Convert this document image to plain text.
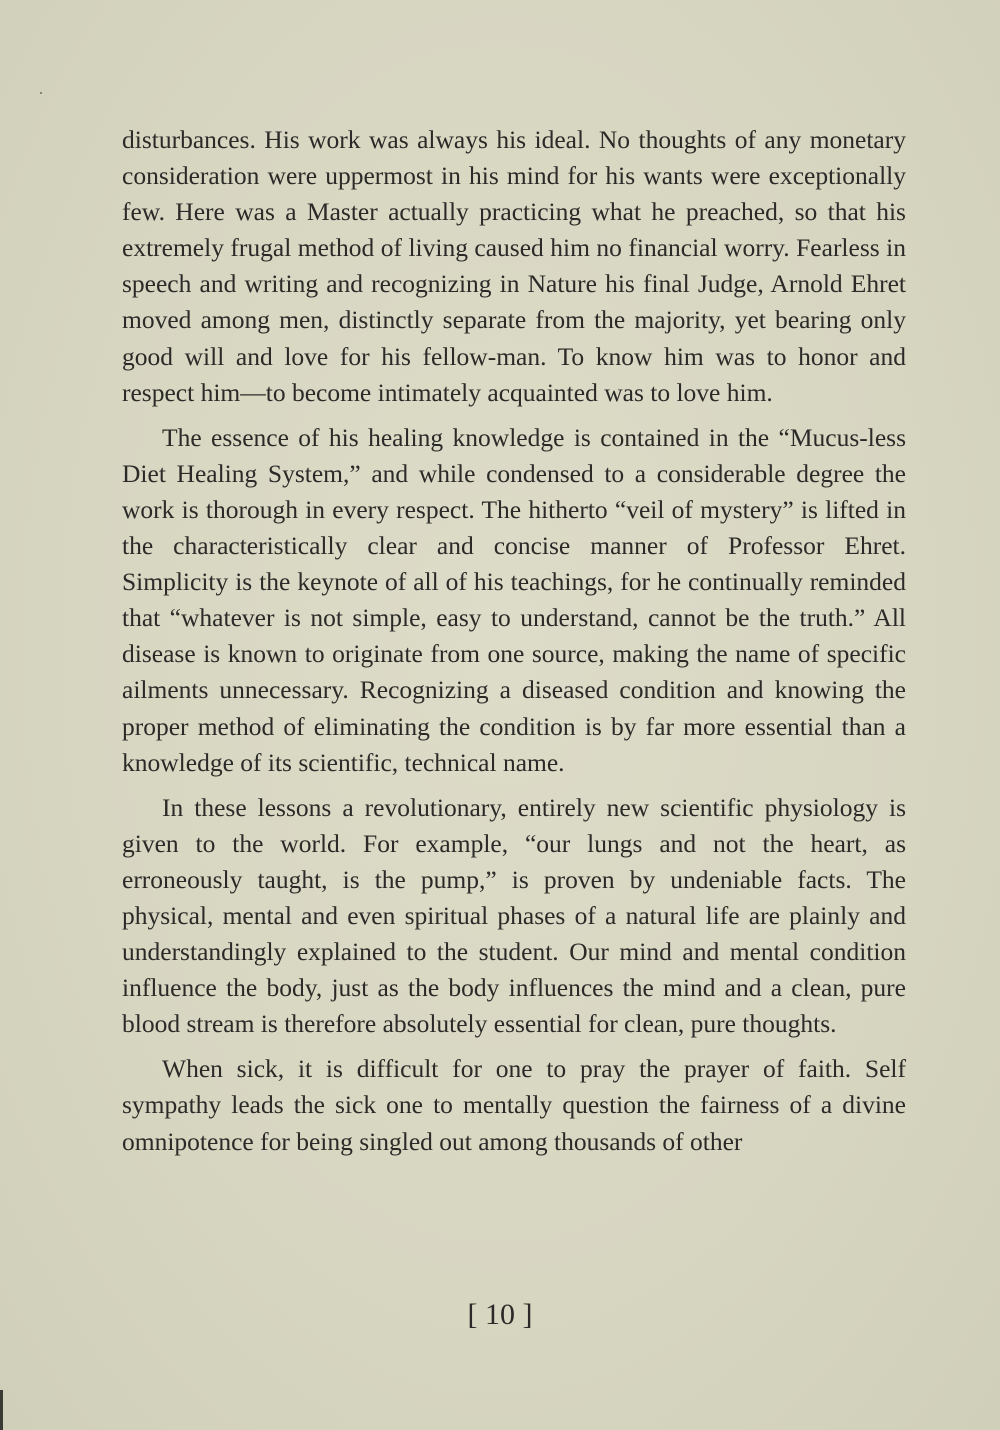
disturbances. His work was always his ideal. No thoughts of any monetary consideration were uppermost in his mind for his wants were exceptionally few. Here was a Master actually practicing what he preached, so that his extremely frugal method of living caused him no financial worry. Fearless in speech and writing and recognizing in Nature his final Judge, Arnold Ehret moved among men, distinctly separate from the majority, yet bearing only good will and love for his fellow-man. To know him was to honor and respect him—to become intimately acquainted was to love him.

The essence of his healing knowledge is contained in the “Mucus-less Diet Healing System,” and while condensed to a considerable degree the work is thorough in every respect. The hitherto “veil of mystery” is lifted in the characteristically clear and concise manner of Professor Ehret. Simplicity is the keynote of all of his teachings, for he continually reminded that “whatever is not simple, easy to understand, cannot be the truth.” All disease is known to originate from one source, making the name of specific ailments unnecessary. Recognizing a diseased condition and knowing the proper method of eliminating the condition is by far more essential than a knowledge of its scientific, technical name.

In these lessons a revolutionary, entirely new scientific physiology is given to the world. For example, “our lungs and not the heart, as erroneously taught, is the pump,” is proven by undeniable facts. The physical, mental and even spiritual phases of a natural life are plainly and understandingly explained to the student. Our mind and mental condition influence the body, just as the body influences the mind and a clean, pure blood stream is therefore absolutely essential for clean, pure thoughts.

When sick, it is difficult for one to pray the prayer of faith. Self sympathy leads the sick one to mentally question the fairness of a divine omnipotence for being singled out among thousands of other

[ 10 ]
